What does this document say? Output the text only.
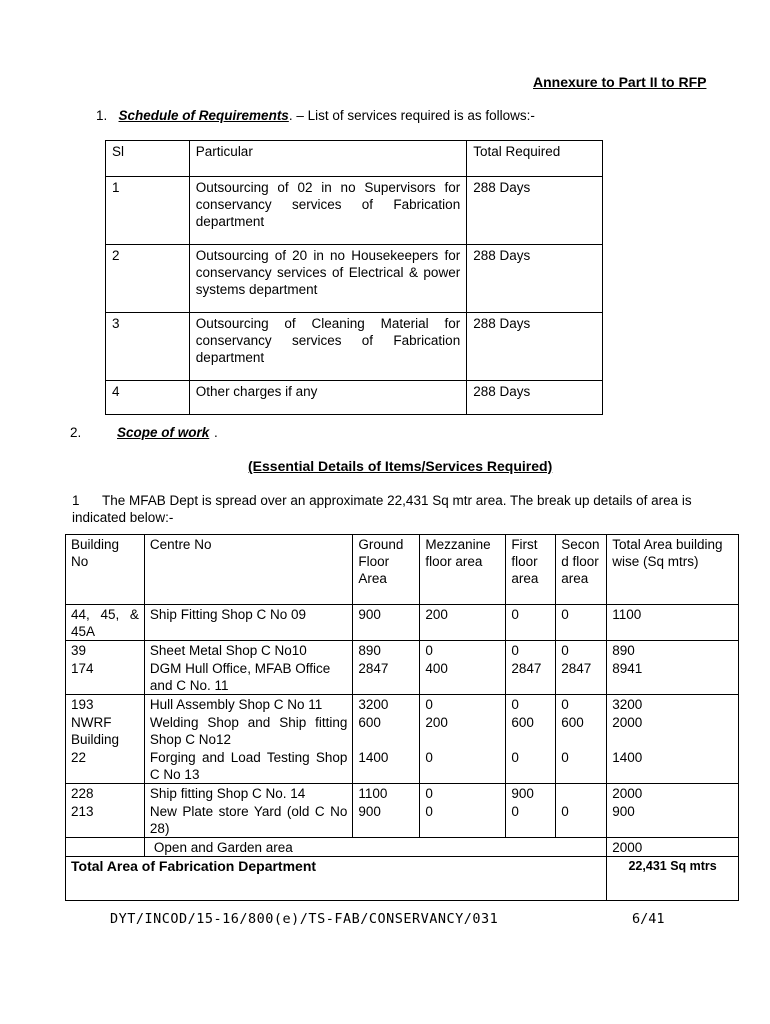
Annexure to Part II to RFP
1. Schedule of Requirements. – List of services required is as follows:-
Sl	Particular	Total Required
1	Outsourcing of 02 in no Supervisors for conservancy services of Fabrication department	288 Days
2	Outsourcing of 20 in no Housekeepers for conservancy services of Electrical & power systems department	288 Days
3	Outsourcing of Cleaning Material for conservancy services of Fabrication department	288 Days
4	Other charges if any	288 Days
2.	Scope of work .
(Essential Details of Items/Services Required)
1 The MFAB Dept is spread over an approximate 22,431 Sq mtr area. The break up details of area is indicated below:-
Building No	Centre No	Ground Floor Area	Mezzanine floor area	First floor area	Second floor area	Total Area building wise (Sq mtrs)
44, 45, & 45A	Ship Fitting Shop C No 09	900	200	0	0	1100
39	Sheet Metal Shop C No10	890	0	0	0	890
174	DGM Hull Office, MFAB Office and C No. 11	2847	400	2847	2847	8941
193	Hull Assembly Shop C No 11	3200	0	0	0	3200
NWRF Building	Welding Shop and Ship fitting Shop C No12	600	200	600	600	2000
22	Forging and Load Testing Shop C No 13	1400	0	0	0	1400
228	Ship fitting Shop C No. 14	1100	0	900		2000
213	New Plate store Yard (old C No 28)	900	0	0	0	900
	Open and Garden area					2000
Total Area of Fabrication Department						22,431 Sq mtrs
DYT/INCOD/15-16/800(e)/TS-FAB/CONSERVANCY/031	6/41
